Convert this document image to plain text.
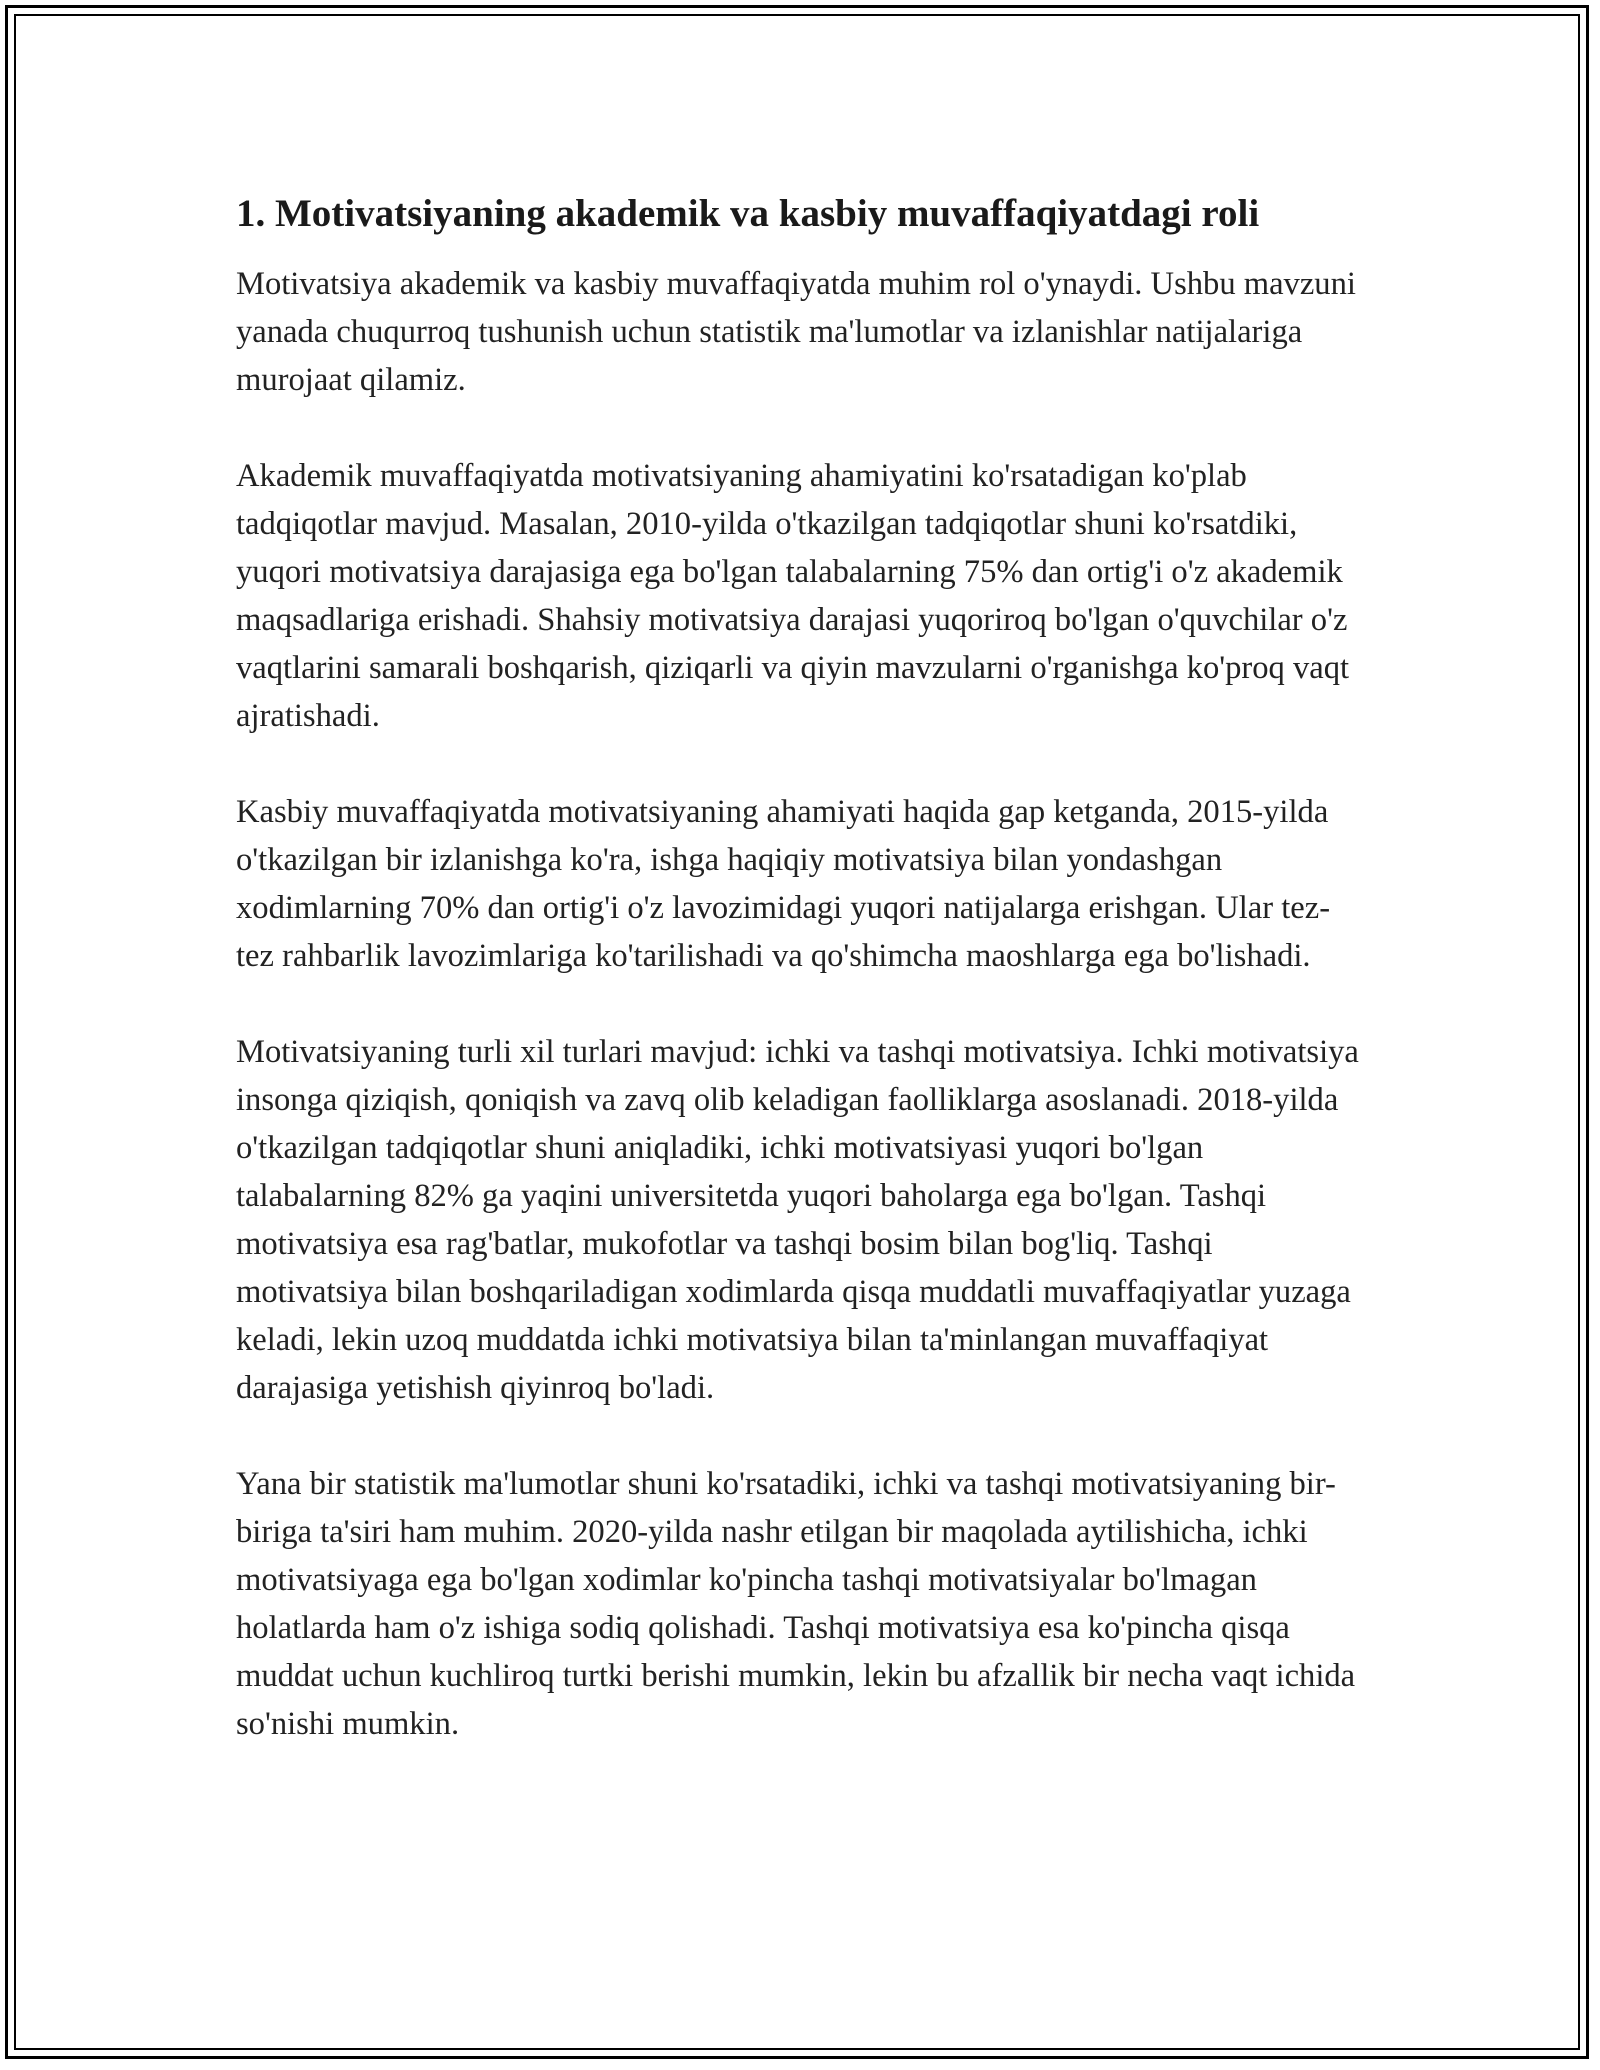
1. Motivatsiyaning akademik va kasbiy muvaffaqiyatdagi roli

Motivatsiya akademik va kasbiy muvaffaqiyatda muhim rol o'ynaydi. Ushbu mavzuni yanada chuqurroq tushunish uchun statistik ma'lumotlar va izlanishlar natijalariga murojaat qilamiz.

Akademik muvaffaqiyatda motivatsiyaning ahamiyatini ko'rsatadigan ko'plab tadqiqotlar mavjud. Masalan, 2010-yilda o'tkazilgan tadqiqotlar shuni ko'rsatdiki, yuqori motivatsiya darajasiga ega bo'lgan talabalarning 75% dan ortig'i o'z akademik maqsadlariga erishadi. Shahsiy motivatsiya darajasi yuqoriroq bo'lgan o'quvchilar o'z vaqtlarini samarali boshqarish, qiziqarli va qiyin mavzularni o'rganishga ko'proq vaqt ajratishadi.

Kasbiy muvaffaqiyatda motivatsiyaning ahamiyati haqida gap ketganda, 2015-yilda o'tkazilgan bir izlanishga ko'ra, ishga haqiqiy motivatsiya bilan yondashgan xodimlarning 70% dan ortig'i o'z lavozimidagi yuqori natijalarga erishgan. Ular tez-tez rahbarlik lavozimlariga ko'tarilishadi va qo'shimcha maoshlarga ega bo'lishadi.

Motivatsiyaning turli xil turlari mavjud: ichki va tashqi motivatsiya. Ichki motivatsiya insonga qiziqish, qoniqish va zavq olib keladigan faolliklarga asoslanadi. 2018-yilda o'tkazilgan tadqiqotlar shuni aniqladiki, ichki motivatsiyasi yuqori bo'lgan talabalarning 82% ga yaqini universitetda yuqori baholarga ega bo'lgan. Tashqi motivatsiya esa rag'batlar, mukofotlar va tashqi bosim bilan bog'liq. Tashqi motivatsiya bilan boshqariladigan xodimlarda qisqa muddatli muvaffaqiyatlar yuzaga keladi, lekin uzoq muddatda ichki motivatsiya bilan ta'minlangan muvaffaqiyat darajasiga yetishish qiyinroq bo'ladi.

Yana bir statistik ma'lumotlar shuni ko'rsatadiki, ichki va tashqi motivatsiyaning bir-biriga ta'siri ham muhim. 2020-yilda nashr etilgan bir maqolada aytilishicha, ichki motivatsiyaga ega bo'lgan xodimlar ko'pincha tashqi motivatsiyalar bo'lmagan holatlarda ham o'z ishiga sodiq qolishadi. Tashqi motivatsiya esa ko'pincha qisqa muddat uchun kuchliroq turtki berishi mumkin, lekin bu afzallik bir necha vaqt ichida so'nishi mumkin.
